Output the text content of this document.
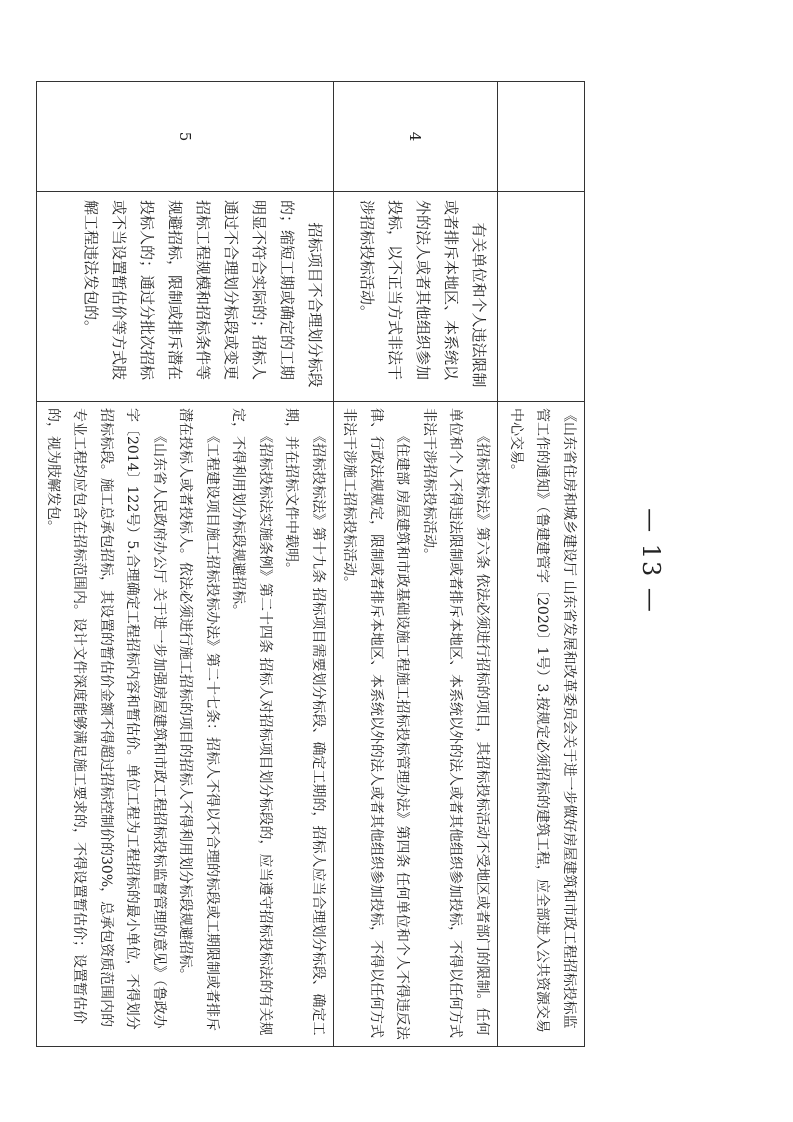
— 13 —

		《山东省住房和城乡建设厅 山东省发展和改革委员会关于进一步做好房屋建筑和市政工程招标投标监管工作的通知》（鲁建建管字〔2020〕1号）3.按规定必须招标的建筑工程，应全部进入公共资源交易中心交易。

4	有关单位和个人违法限制或者排斥本地区、本系统以外的法人或者其他组织参加投标，以不正当方式非法干涉招标投标活动。	《招标投标法》第六条 依法必须进行招标的项目，其招标投标活动不受地区或者部门的限制。任何单位和个人不得违法限制或者排斥本地区、本系统以外的法人或者其他组织参加投标，不得以任何方式非法干涉招标投标活动。

《住建部 房屋建筑和市政基础设施工程施工招标投标管理办法》第四条 任何单位和个人不得违反法律、行政法规规定，限制或者排斥本地区、本系统以外的法人或者其他组织参加投标，不得以任何方式非法干涉施工招标投标活动。

5	招标项目不合理划分标段的；缩短工期或确定的工期明显不符合实际的；招标人通过不合理划分标段或变更招标工程规模和招标条件等规避招标，限制或排斥潜在投标人的；通过分批次招标或不当设置暂估价等方式肢解工程违法发包的。	《招标投标法》第十九条 招标项目需要划分标段、确定工期的，招标人应当合理划分标段、确定工期，并在招标文件中载明。

《招标投标法实施条例》第二十四条 招标人对招标项目划分标段的，应当遵守招标投标法的有关规定，不得利用划分标段规避招标。

《工程建设项目施工招标投标办法》第二十七条：招标人不得以不合理的标段或工期限制或者排斥潜在投标人或者投标人。依法必须进行施工招标的项目的招标人不得利用划分标段规避招标。

《山东省人民政府办公厅 关于进一步加强房屋建筑和市政工程招标投标监督管理的意见》（鲁政办字〔2014〕122号）5.合理确定工程招标内容和暂估价。单位工程为工程招标的最小单位，不得划分招标标段。施工总承包招标，其设置的暂估价金额不得超过招标控制价的30%，总承包资质范围内的专业工程均应包含在招标范围内。设计文件深度能够满足施工要求的，不得设置暂估价；设置暂估价的，视为肢解发包。
